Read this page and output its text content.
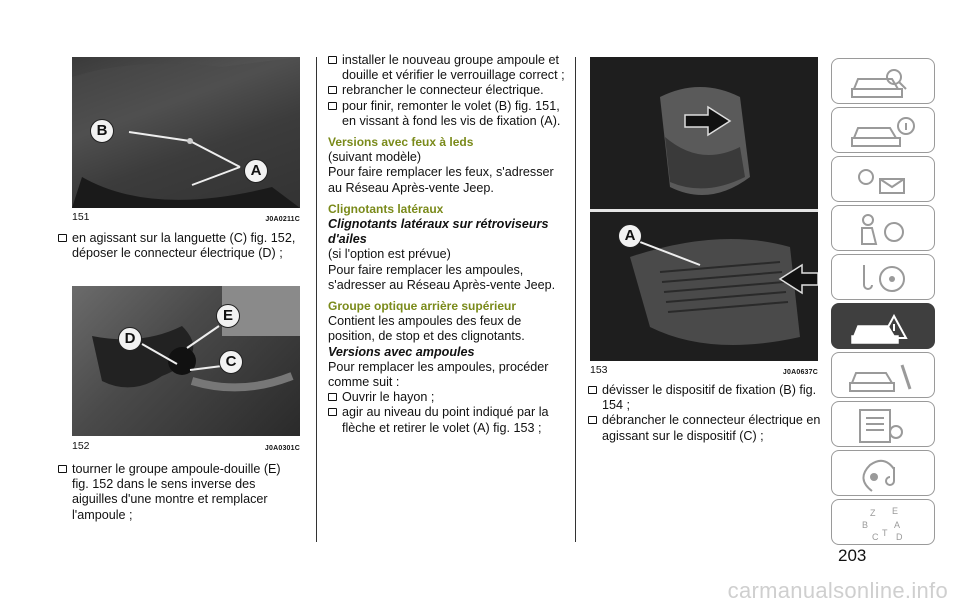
B
A
151	J0A0211C

en agissant sur la languette (C) fig. 152, déposer le connecteur électrique (D) ;

E
D
C
152	J0A0301C

tourner le groupe ampoule-douille (E) fig. 152 dans le sens inverse des aiguilles d'une montre et remplacer l'ampoule ;

installer le nouveau groupe ampoule et douille et vérifier le verrouillage correct ;

rebrancher le connecteur électrique.

pour finir, remonter le volet (B) fig. 151, en vissant à fond les vis de fixation (A).

Versions avec feux à leds

(suivant modèle)

Pour faire remplacer les feux, s'adresser au Réseau Après-vente Jeep.

Clignotants latéraux

Clignotants latéraux sur rétroviseurs d'ailes

(si l'option est prévue)

Pour faire remplacer les ampoules, s'adresser au Réseau Après-vente Jeep.

Groupe optique arrière supérieur

Contient les ampoules des feux de position, de stop et des clignotants.

Versions avec ampoules

Pour remplacer les ampoules, procéder comme suit :

Ouvrir le hayon ;

agir au niveau du point indiqué par la flèche et retirer le volet (A) fig. 153 ;

A
153	J0A0637C

dévisser le dispositif de fixation (B) fig. 154 ;

débrancher le connecteur électrique en agissant sur le dispositif (C) ;

Z E
B	A
C D
T
203
carmanualsonline.info
